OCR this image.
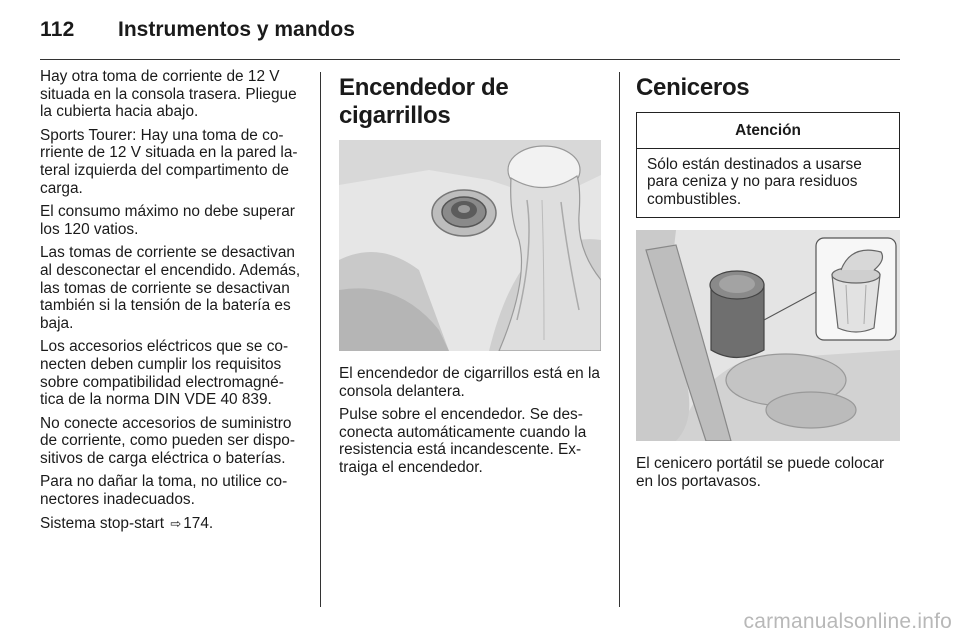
112 Instrumentos y mandos

Hay otra toma de corriente de 12 V situada en la consola trasera. Pliegue la cubierta hacia abajo.

Sports Tourer: Hay una toma de corriente de 12 V situada en la pared lateral izquierda del compartimento de carga.

El consumo máximo no debe superar los 120 vatios.

Las tomas de corriente se desactivan al desconectar el encendido. Además, las tomas de corriente se desactivan también si la tensión de la batería es baja.

Los accesorios eléctricos que se conecten deben cumplir los requisitos sobre compatibilidad electromagnética de la norma DIN VDE 40 839.

No conecte accesorios de suministro de corriente, como pueden ser dispositivos de carga eléctrica o baterías.

Para no dañar la toma, no utilice conectores inadecuados.

Sistema stop-start ⇨ 174.

Encendedor de cigarrillos

El encendedor de cigarrillos está en la consola delantera.

Pulse sobre el encendedor. Se desconecta automáticamente cuando la resistencia está incandescente. Extraiga el encendedor.

Ceniceros
Atención
Sólo están destinados a usarse para ceniza y no para residuos combustibles.

El cenicero portátil se puede colocar en los portavasos.

carmanualsonline.info
